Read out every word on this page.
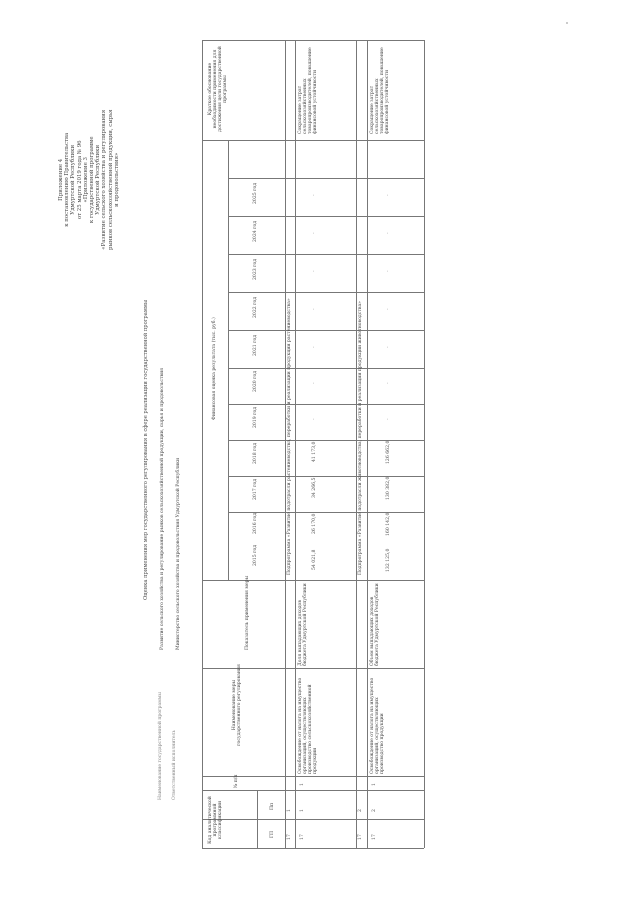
Приложение 4 к постановлению Правительства Удмуртской Республики от 25 марта 2019 года № 96 «Приложение 3 к государственной программе Удмуртской Республики «Развитие сельского хозяйства и регулирования рынков сельскохозяйственной продукции, сырья и продовольствия»
Оценка применения мер государственного регулирования в сфере реализации государственной программы
Наименование государственной программы
Развитие сельского хозяйства и регулирование рынков сельскохозяйственной продукции, сырья и продовольствия
Ответственный исполнитель
Министерство сельского хозяйства и продовольствия Удмуртской Республики
Код аналитической программной классификации	ГП
Пп
№ п/п
Наименование меры государственного регулирования
Показатель применения меры
Финансовая оценка результата (тыс. руб.)
2015 год
2016 год
2017 год
2018 год
2019 год
2020 год
2021 год
2022 год
2023 год
2024 год
2025 год
Краткое обоснование необходимости применения для достижения цели государственной программы
17
1
Подпрограмма «Развитие подотрасли растениеводства, переработки и реализации продукции растениеводства»
17
1
1
Освобождение от налога на имущество организаций, осуществляющих производство сельскохозяйственной продукции
Доля выпадающих доходов бюджета Удмуртской Республики
54 021,8
26 170,0
34 266,5
41 173,0
-
-
-
-
-
-
-
Сокращение затрат сельскохозяйственных товаропроизводителей, повышение финансовой устойчивости
17
2
Подпрограмма «Развитие подотрасли животноводства, переработки и реализации продукции животноводства»
17
2
1
Освобождение от налога на имущество организаций, осуществляющих производство продукции
Объем выпадающих доходов бюджета Удмуртской Республики
132 125,0
160 142,0
130 382,0
126 662,0
-
-
-
-
-
-
-
Сокращение затрат сельскохозяйственных товаропроизводителей, повышение финансовой устойчивости
